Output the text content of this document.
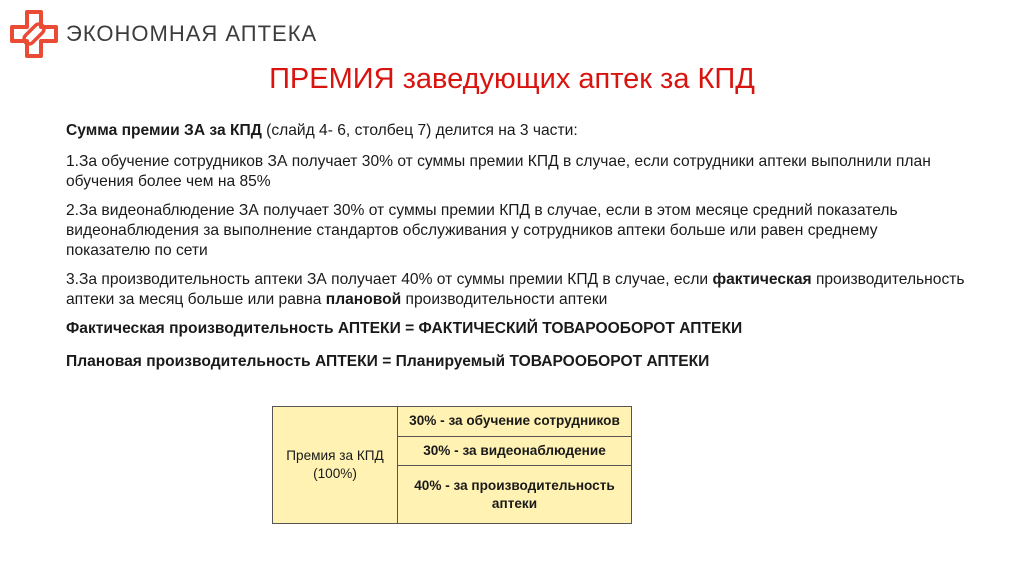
ЭКОНОМНАЯ АПТЕКА
ПРЕМИЯ заведующих аптек за КПД

Сумма премии ЗА за КПД (слайд 4- 6, столбец 7) делится на 3 части:

1.За обучение сотрудников ЗА получает 30% от суммы премии КПД в случае, если сотрудники аптеки выполнили план обучения более чем на 85%

2.За видеонаблюдение ЗА получает 30% от суммы премии КПД в случае, если в этом месяце средний показатель видеонаблюдения за выполнение стандартов обслуживания у сотрудников аптеки больше или равен среднему показателю по сети

3.За производительность аптеки ЗА получает 40% от суммы премии КПД в случае, если фактическая производительность аптеки за месяц больше или равна плановой производительности аптеки

Фактическая производительность АПТЕКИ = ФАКТИЧЕСКИЙ ТОВАРООБОРОТ АПТЕКИ

Плановая производительность АПТЕКИ = Планируемый ТОВАРООБОРОТ АПТЕКИ

Премия за КПД (100%)	30% - за обучение сотрудников
30% - за видеонаблюдение
40% - за производительность аптеки
